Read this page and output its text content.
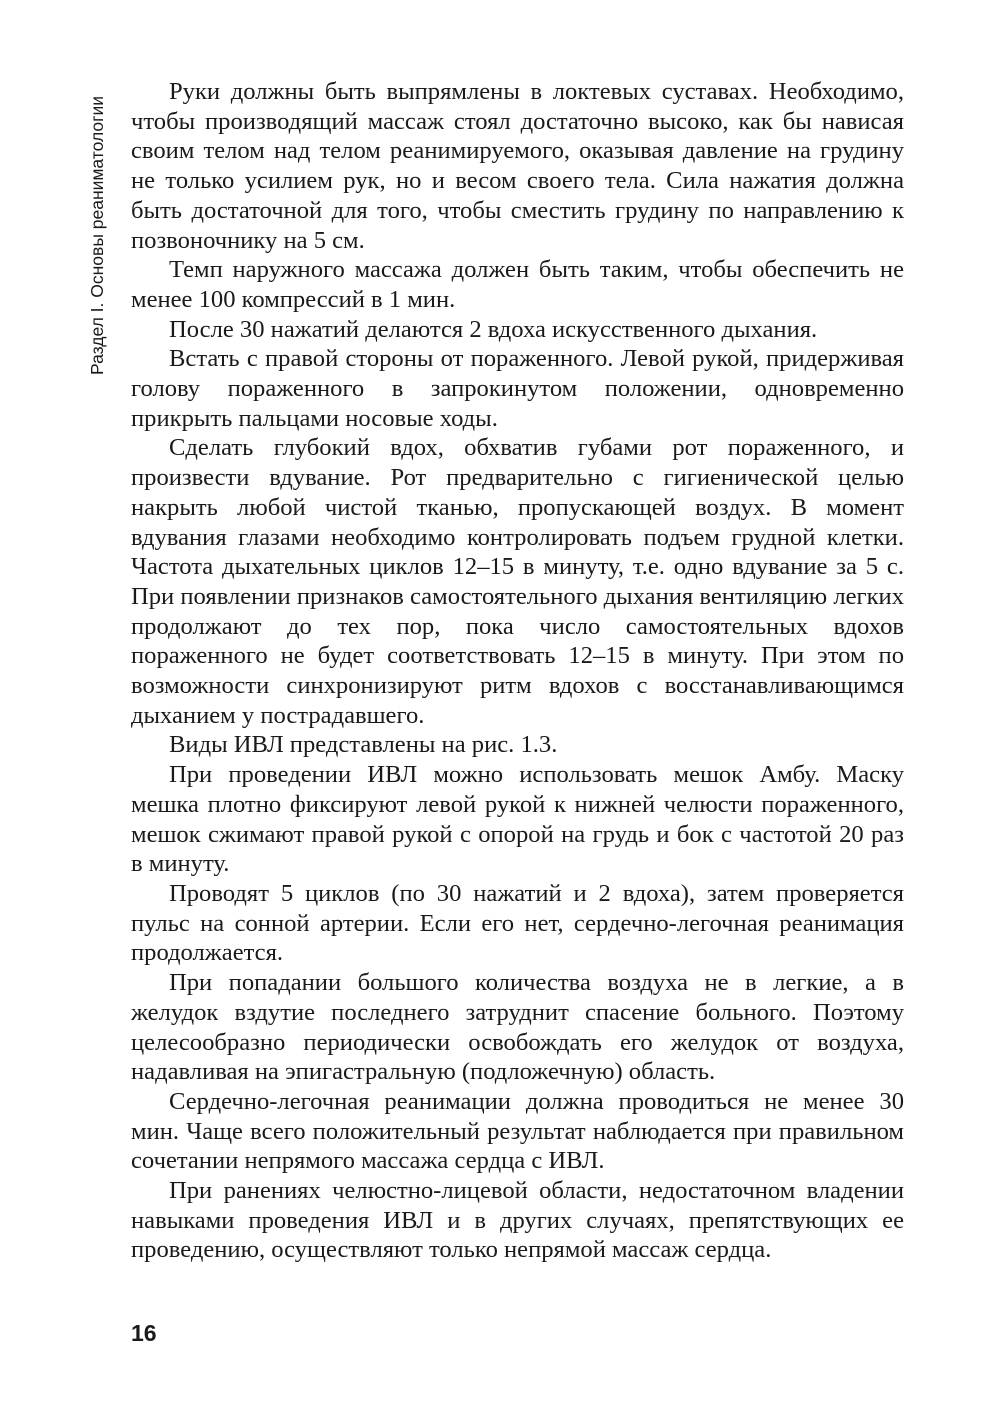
Раздел I. Основы реаниматологии

Руки должны быть выпрямлены в локтевых суставах. Необходимо, чтобы производящий массаж стоял достаточно высоко, как бы нависая своим телом над телом реанимируемого, оказывая давление на грудину не только усилием рук, но и весом своего тела. Сила нажатия должна быть достаточной для того, чтобы сместить грудину по направлению к позвоночнику на 5 см.

Темп наружного массажа должен быть таким, чтобы обеспечить не менее 100 компрессий в 1 мин.

После 30 нажатий делаются 2 вдоха искусственного дыхания.

Встать с правой стороны от пораженного. Левой рукой, придерживая голову пораженного в запрокинутом положении, одновременно прикрыть пальцами носовые ходы.

Сделать глубокий вдох, обхватив губами рот пораженного, и произвести вдувание. Рот предварительно с гигиенической целью накрыть любой чистой тканью, пропускающей воздух. В момент вдувания глазами необходимо контролировать подъем грудной клетки. Частота дыхательных циклов 12–15 в минуту, т.е. одно вдувание за 5 с. При появлении признаков самостоятельного дыхания вентиляцию легких продолжают до тех пор, пока число самостоятельных вдохов пораженного не будет соответствовать 12–15 в минуту. При этом по возможности синхронизируют ритм вдохов с восстанавливающимся дыханием у пострадавшего.

Виды ИВЛ представлены на рис. 1.3.

При проведении ИВЛ можно использовать мешок Амбу. Маску мешка плотно фиксируют левой рукой к нижней челюсти пораженного, мешок сжимают правой рукой с опорой на грудь и бок с частотой 20 раз в минуту.

Проводят 5 циклов (по 30 нажатий и 2 вдоха), затем проверяется пульс на сонной артерии. Если его нет, сердечно-легочная реанимация продолжается.

При попадании большого количества воздуха не в легкие, а в желудок вздутие последнего затруднит спасение больного. Поэтому целесообразно периодически освобождать его желудок от воздуха, надавливая на эпигастральную (подложечную) область.

Сердечно-легочная реанимации должна проводиться не менее 30 мин. Чаще всего положительный результат наблюдается при правильном сочетании непрямого массажа сердца с ИВЛ.

При ранениях челюстно-лицевой области, недостаточном владении навыками проведения ИВЛ и в других случаях, препятствующих ее проведению, осуществляют только непрямой массаж сердца.

16
